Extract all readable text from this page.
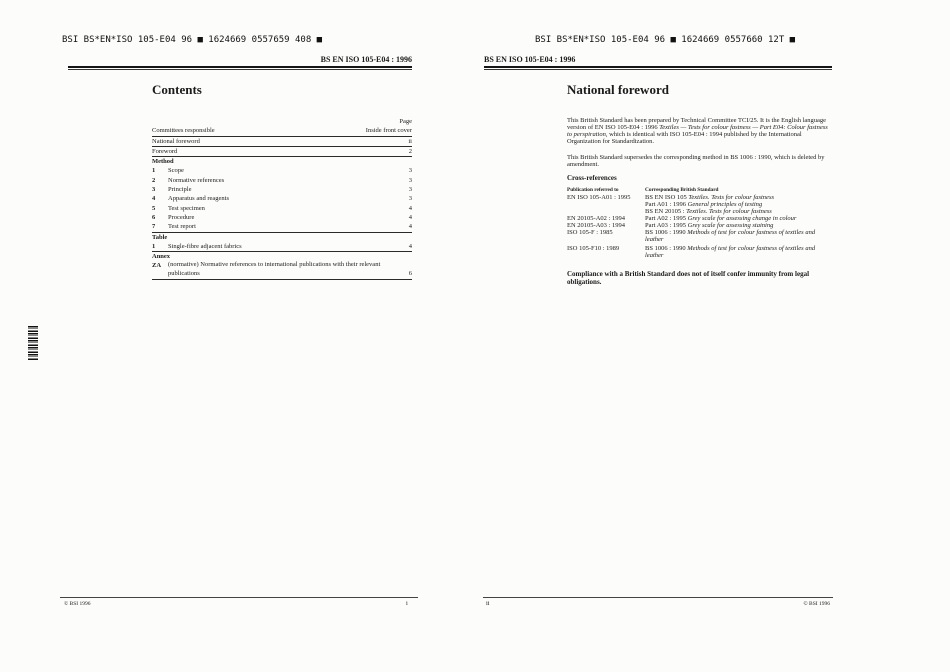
BSI BS*EN*ISO 105-E04 96 ■ 1624669 0557659 408 ■	BSI BS*EN*ISO 105-E04 96 ■ 1624669 0557660 12T ■
BS EN ISO 105-E04 : 1996
Contents
Page
Committees responsible	Inside front cover
National foreword	ii
Foreword	2
Method
1	Scope	3
2	Normative references	3
3	Principle	3
4	Apparatus and reagents	3
5	Test specimen	4
6	Procedure	4
7	Test report	4
Table
1	Single-fibre adjacent fabrics	4
Annex
ZA	(normative) Normative references to international publications with their relevant publications	6
© BSI 1996	i
BS EN ISO 105-E04 : 1996
National foreword

This British Standard has been prepared by Technical Committee TCI/25. It is the English language version of EN ISO 105-E04 : 1996 Textiles — Tests for colour fastness — Part E04: Colour fastness to perspiration, which is identical with ISO 105-E04 : 1994 published by the International Organization for Standardization.

This British Standard supersedes the corresponding method in BS 1006 : 1990, which is deleted by amendment.

Cross-references
Publication referred to	Corresponding British Standard
EN ISO 105-A01 : 1995	BS EN ISO 105 Textiles. Tests for colour fastness
Part A01 : 1996 General principles of testing
BS EN 20105 : Textiles. Tests for colour fastness
EN 20105-A02 : 1994	Part A02 : 1995 Grey scale for assessing change in colour
EN 20105-A03 : 1994	Part A03 : 1995 Grey scale for assessing staining
ISO 105-F : 1985	BS 1006 : 1990 Methods of test for colour fastness of textiles and leather
ISO 105-F10 : 1989	BS 1006 : 1990 Methods of test for colour fastness of textiles and leather

Compliance with a British Standard does not of itself confer immunity from legal obligations.

ii	© BSI 1996
